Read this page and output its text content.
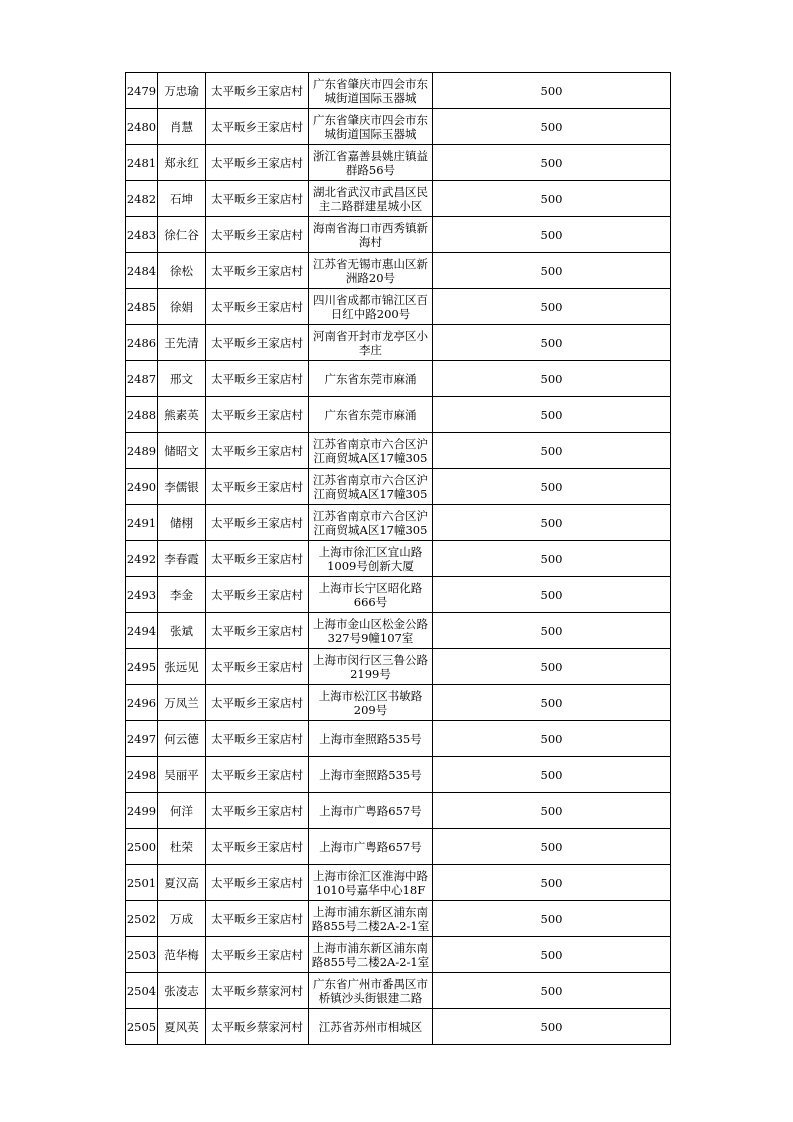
2479	万忠瑜	太平畈乡王家店村	广东省肇庆市四会市东城街道国际玉器城	500
2480	肖慧	太平畈乡王家店村	广东省肇庆市四会市东城街道国际玉器城	500
2481	郑永红	太平畈乡王家店村	浙江省嘉善县姚庄镇益群路56号	500
2482	石坤	太平畈乡王家店村	湖北省武汉市武昌区民主二路群建星城小区	500
2483	徐仁谷	太平畈乡王家店村	海南省海口市西秀镇新海村	500
2484	徐松	太平畈乡王家店村	江苏省无锡市惠山区新洲路20号	500
2485	徐娟	太平畈乡王家店村	四川省成都市锦江区百日红中路200号	500
2486	王先清	太平畈乡王家店村	河南省开封市龙亭区小李庄	500
2487	邢文	太平畈乡王家店村	广东省东莞市麻涌	500
2488	熊素英	太平畈乡王家店村	广东省东莞市麻涌	500
2489	储昭文	太平畈乡王家店村	江苏省南京市六合区沪江商贸城A区17幢305	500
2490	李儒银	太平畈乡王家店村	江苏省南京市六合区沪江商贸城A区17幢305	500
2491	储栩	太平畈乡王家店村	江苏省南京市六合区沪江商贸城A区17幢305	500
2492	李春霞	太平畈乡王家店村	上海市徐汇区宜山路1009号创新大厦	500
2493	李金	太平畈乡王家店村	上海市长宁区昭化路666号	500
2494	张斌	太平畈乡王家店村	上海市金山区松金公路327号9幢107室	500
2495	张远见	太平畈乡王家店村	上海市闵行区三鲁公路2199号	500
2496	万凤兰	太平畈乡王家店村	上海市松江区书敏路209号	500
2497	何云德	太平畈乡王家店村	上海市奎照路535号	500
2498	吴丽平	太平畈乡王家店村	上海市奎照路535号	500
2499	何洋	太平畈乡王家店村	上海市广粤路657号	500
2500	杜荣	太平畈乡王家店村	上海市广粤路657号	500
2501	夏汉高	太平畈乡王家店村	上海市徐汇区淮海中路1010号嘉华中心18F	500
2502	万成	太平畈乡王家店村	上海市浦东新区浦东南路855号二楼2A-2-1室	500
2503	范华梅	太平畈乡王家店村	上海市浦东新区浦东南路855号二楼2A-2-1室	500
2504	张凌志	太平畈乡蔡家河村	广东省广州市番禺区市桥镇沙头街银建二路	500
2505	夏风英	太平畈乡蔡家河村	江苏省苏州市相城区	500
